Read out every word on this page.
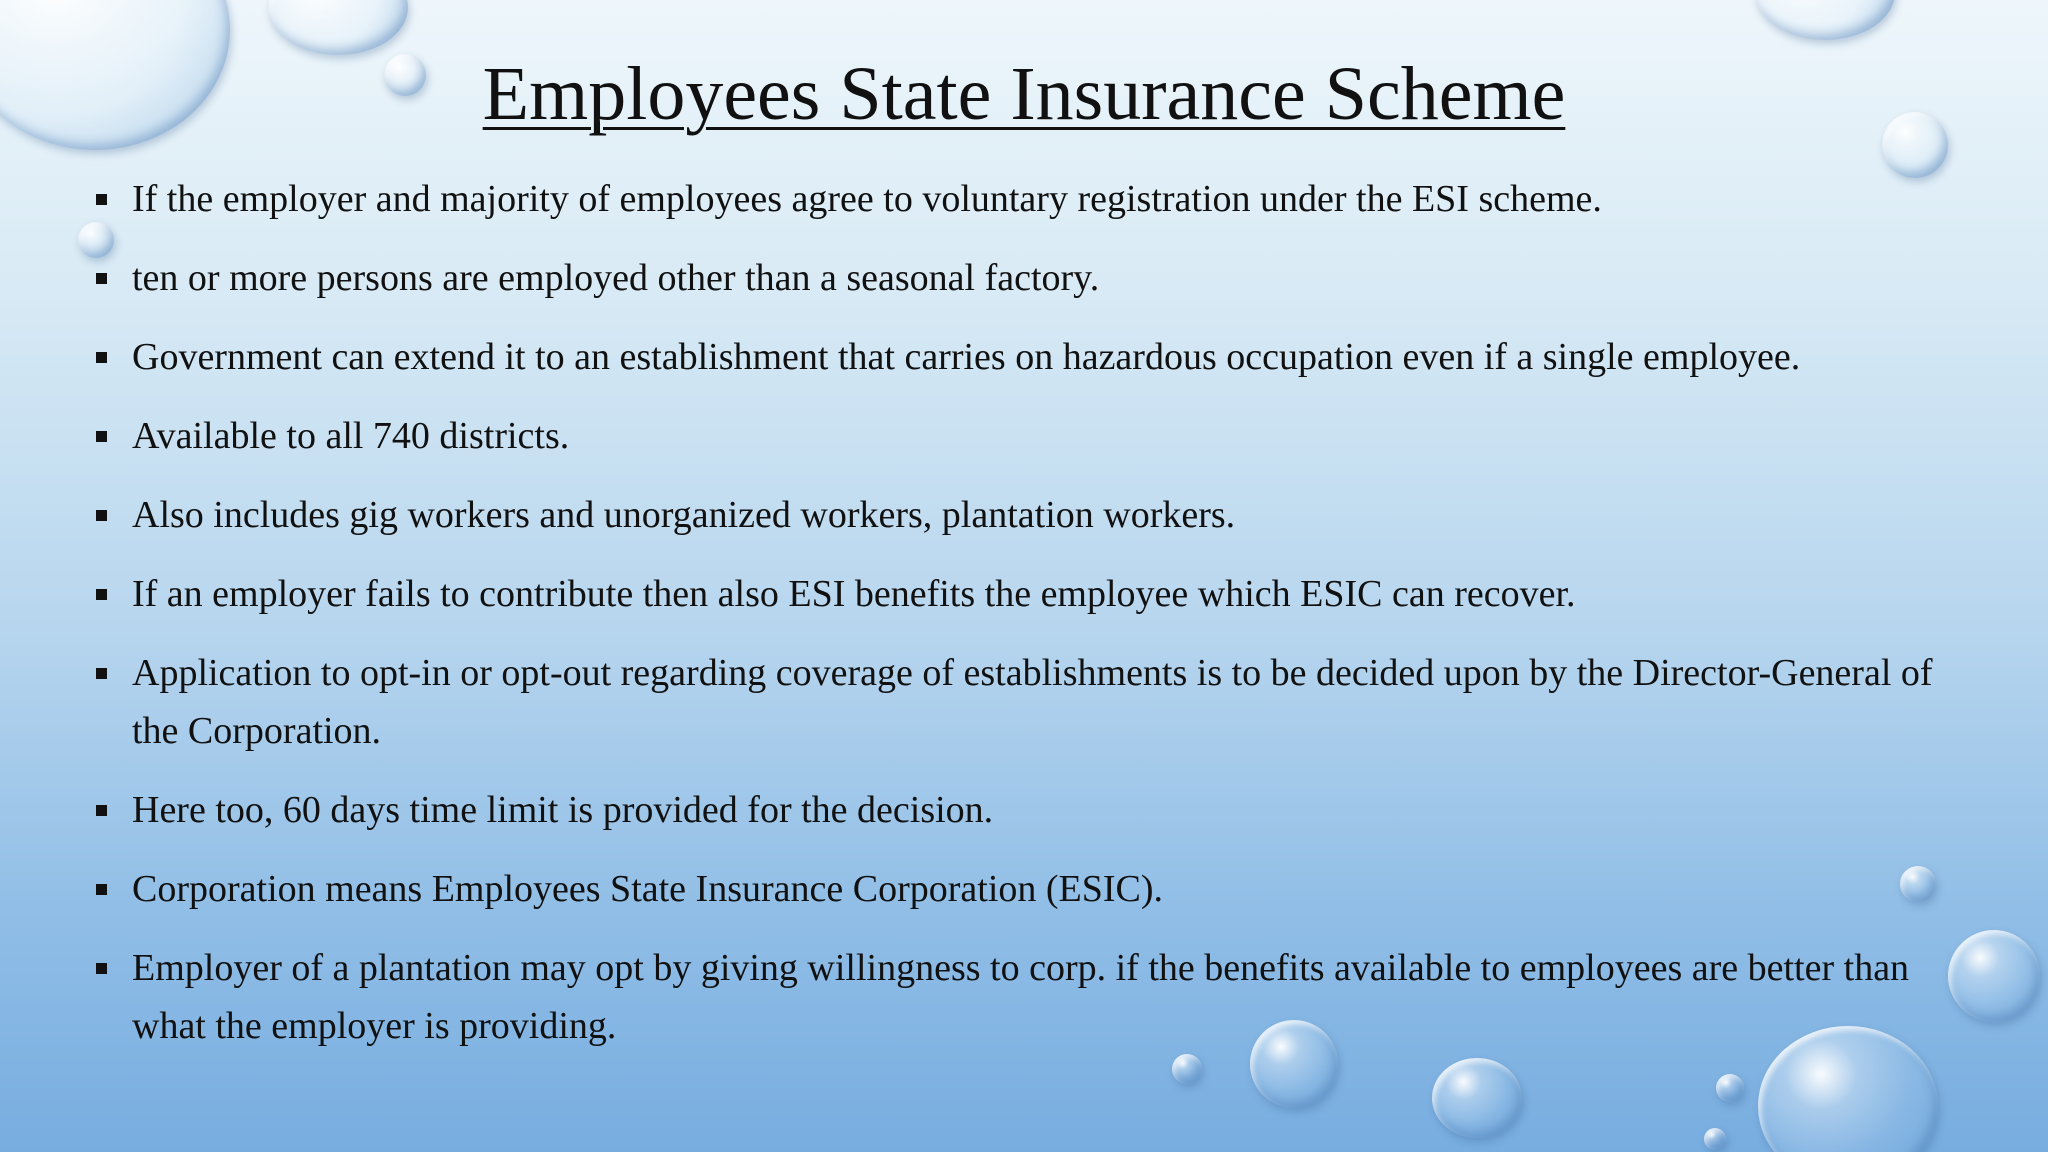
Employees State Insurance Scheme
If the employer and majority of employees agree to voluntary registration under the ESI scheme.
ten or more persons are employed other than a seasonal factory.
Government can extend it to an establishment that carries on hazardous occupation even if a single employee.
Available to all 740 districts.
Also includes gig workers and unorganized workers, plantation workers.
If an employer fails to contribute then also ESI benefits the employee which ESIC can recover.
Application to opt-in or opt-out regarding coverage of establishments is to be decided upon by the Director-General of the Corporation.
Here too, 60 days time limit is provided for the decision.
Corporation means Employees State Insurance Corporation (ESIC).
Employer of a plantation may opt by giving willingness to corp. if the benefits available to employees are better than what the employer is providing.
